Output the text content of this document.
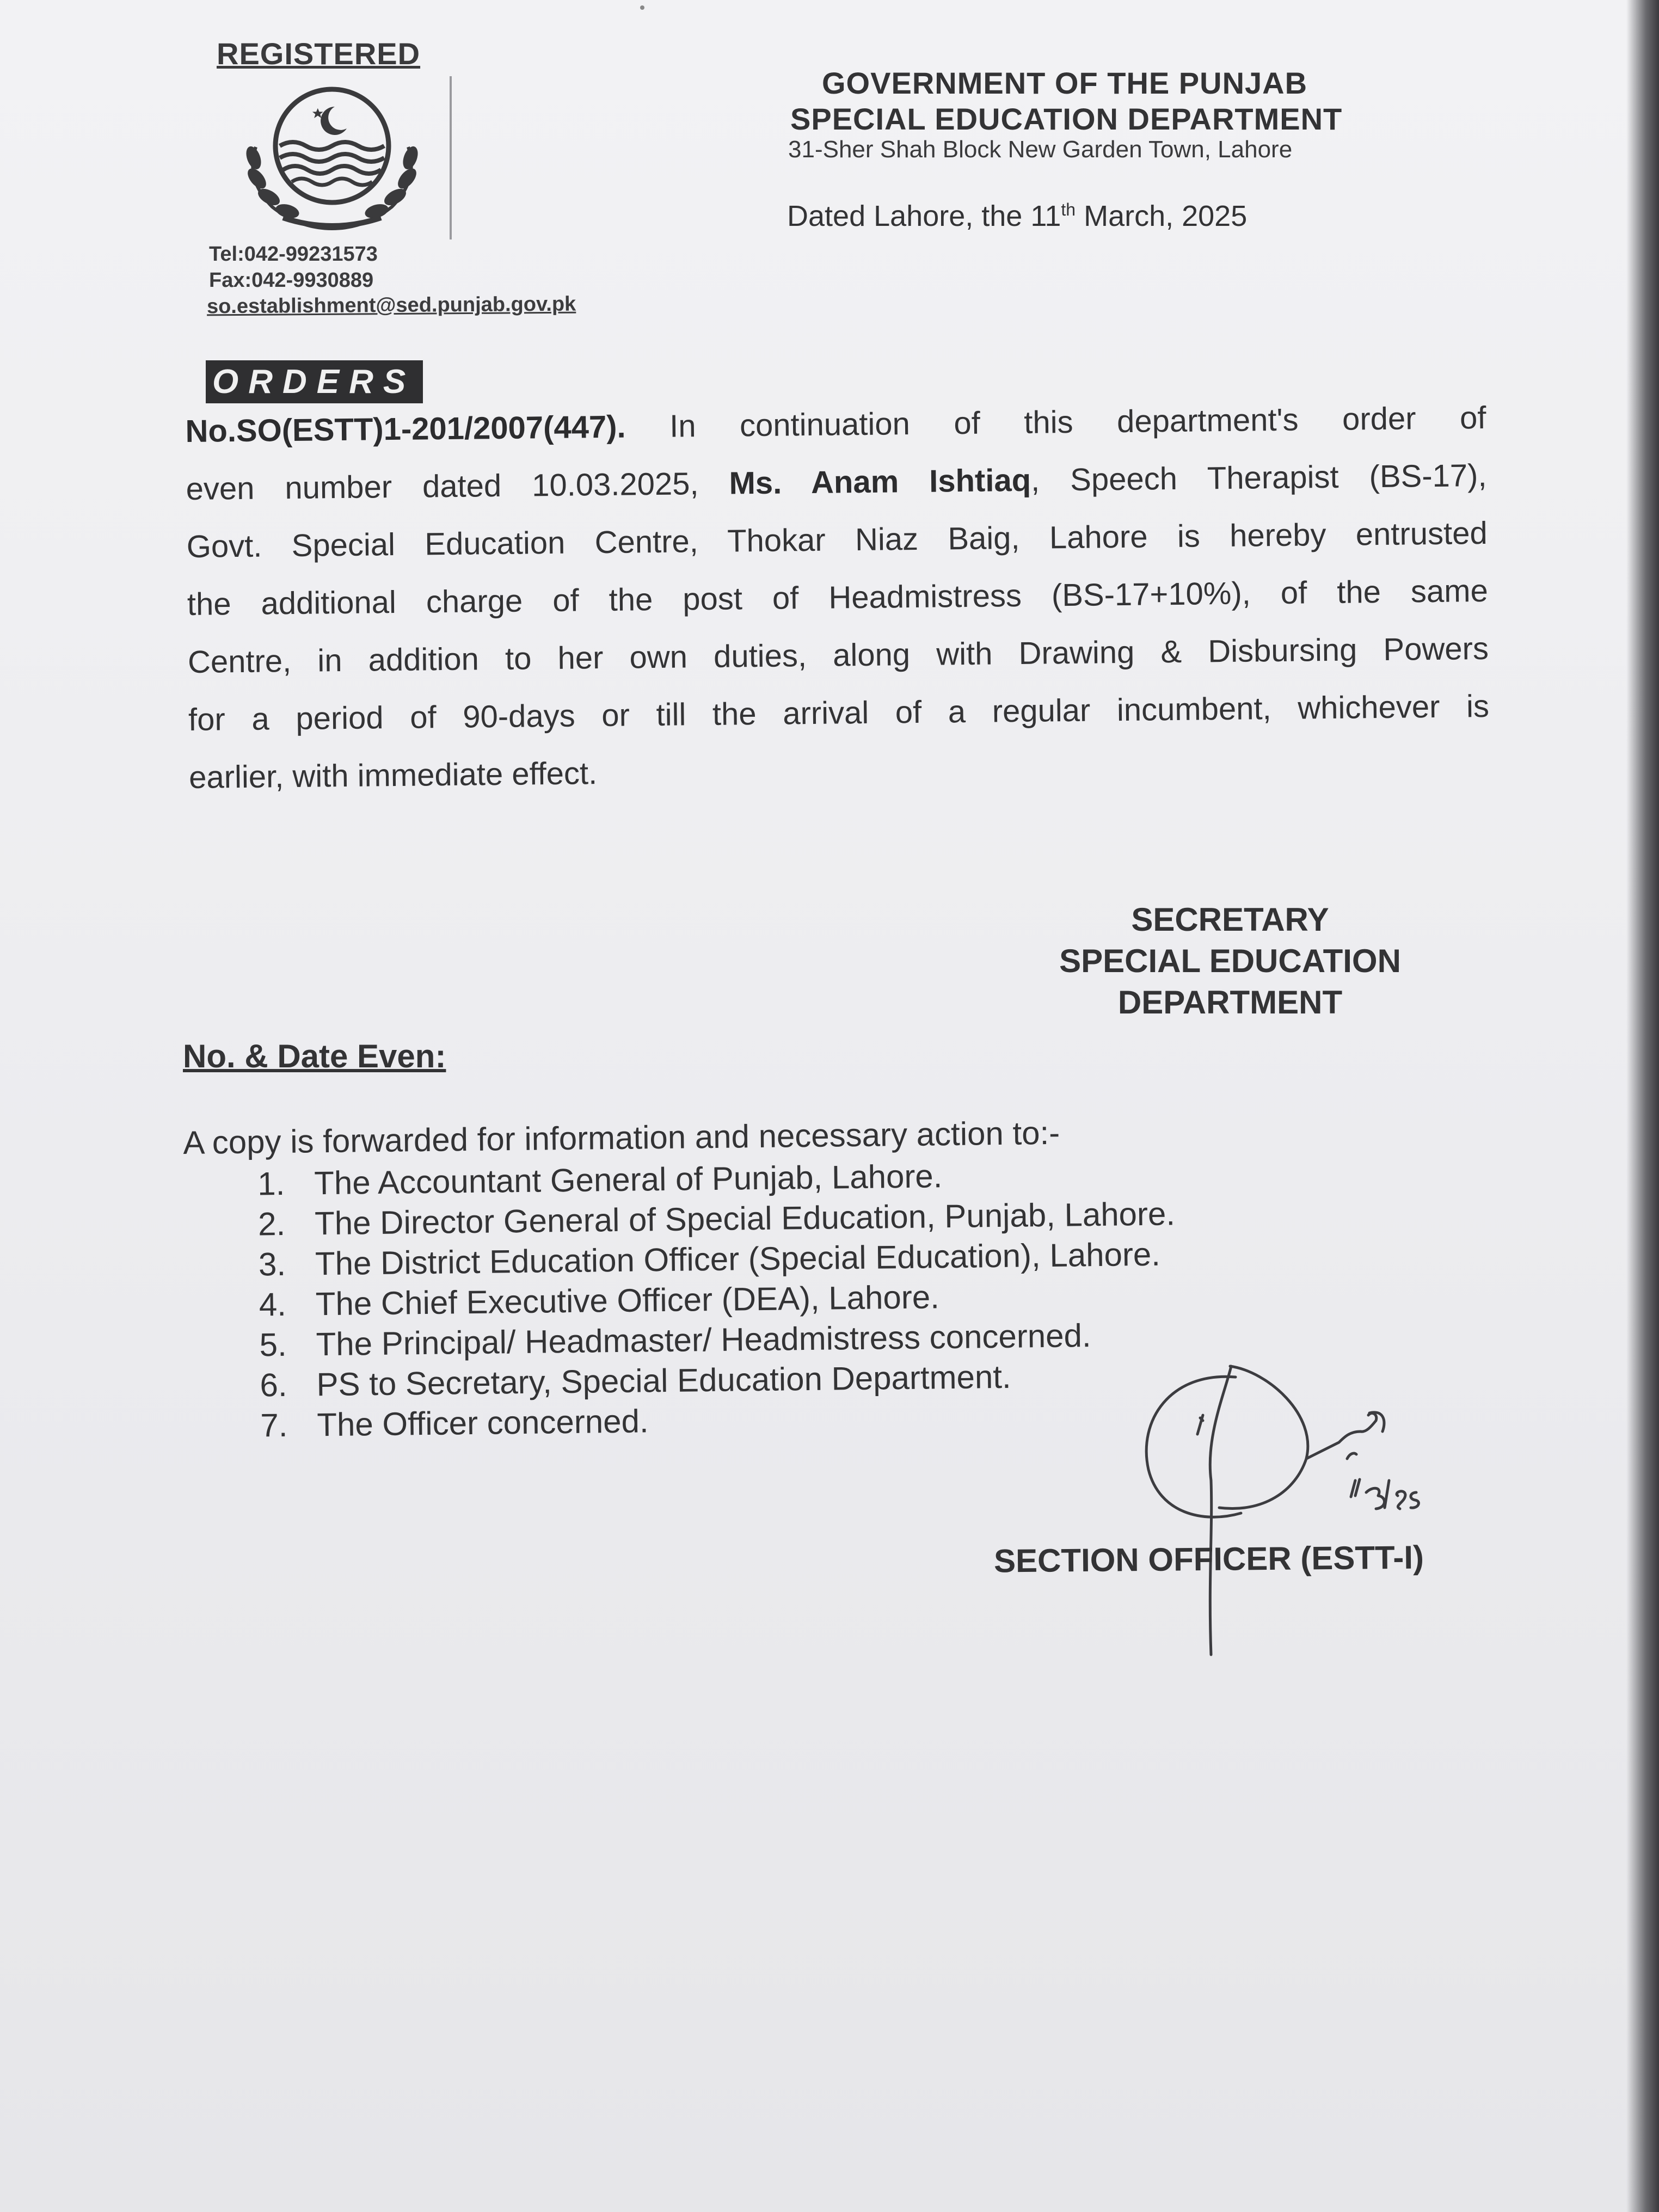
REGISTERED
Tel:042-99231573
Fax:042-9930889
so.establishment@sed.punjab.gov.pk
GOVERNMENT OF THE PUNJAB
SPECIAL EDUCATION DEPARTMENT
31-Sher Shah Block New Garden Town, Lahore
Dated Lahore, the 11th March, 2025
ORDERS
No.SO(ESTT)1-201/2007(447). In continuation of this department's order of
even number dated 10.03.2025, Ms. Anam Ishtiaq, Speech Therapist (BS-17),
Govt. Special Education Centre, Thokar Niaz Baig, Lahore is hereby entrusted
the additional charge of the post of Headmistress (BS-17+10%), of the same
Centre, in addition to her own duties, along with Drawing & Disbursing Powers
for a period of 90-days or till the arrival of a regular incumbent, whichever is
earlier, with immediate effect.
SECRETARY
SPECIAL EDUCATION
DEPARTMENT
No. & Date Even:
A copy is forwarded for information and necessary action to:-
1. The Accountant General of Punjab, Lahore.
2. The Director General of Special Education, Punjab, Lahore.
3. The District Education Officer (Special Education), Lahore.
4. The Chief Executive Officer (DEA), Lahore.
5. The Principal/ Headmaster/ Headmistress concerned.
6. PS to Secretary, Special Education Department.
7. The Officer concerned.
SECTION OFFICER (ESTT-I)
